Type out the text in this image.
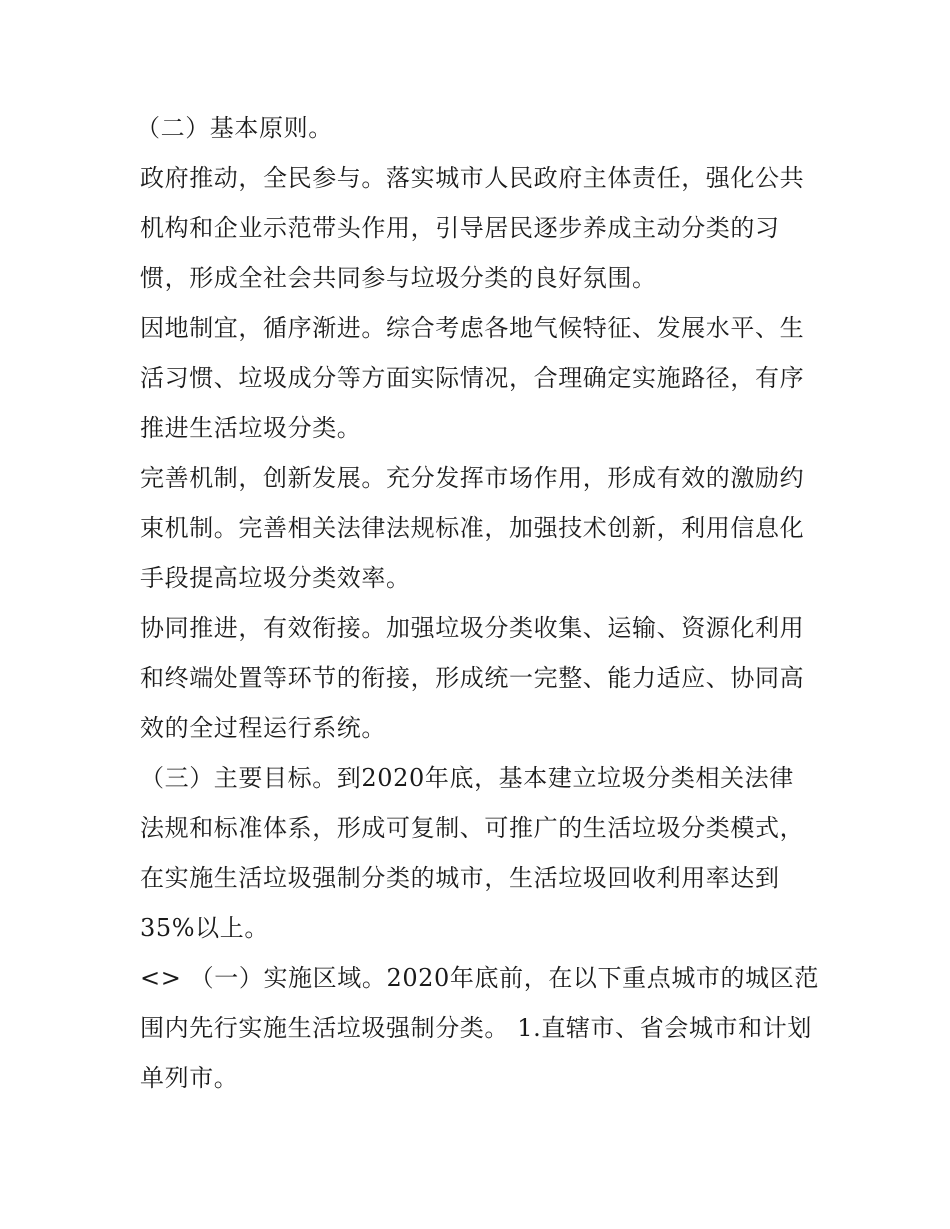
（二）基本原则。
政府推动，全民参与。落实城市人民政府主体责任，强化公共
机构和企业示范带头作用，引导居民逐步养成主动分类的习
惯，形成全社会共同参与垃圾分类的良好氛围。
因地制宜，循序渐进。综合考虑各地气候特征、发展水平、生
活习惯、垃圾成分等方面实际情况，合理确定实施路径，有序
推进生活垃圾分类。
完善机制，创新发展。充分发挥市场作用，形成有效的激励约
束机制。完善相关法律法规标准，加强技术创新，利用信息化
手段提高垃圾分类效率。
协同推进，有效衔接。加强垃圾分类收集、运输、资源化利用
和终端处置等环节的衔接，形成统一完整、能力适应、协同高
效的全过程运行系统。
（三）主要目标。到2020年底，基本建立垃圾分类相关法律
法规和标准体系，形成可复制、可推广的生活垃圾分类模式，
在实施生活垃圾强制分类的城市，生活垃圾回收利用率达到
35%以上。
<> （一）实施区域。2020年底前，在以下重点城市的城区范
围内先行实施生活垃圾强制分类。 1.直辖市、省会城市和计划
单列市。
